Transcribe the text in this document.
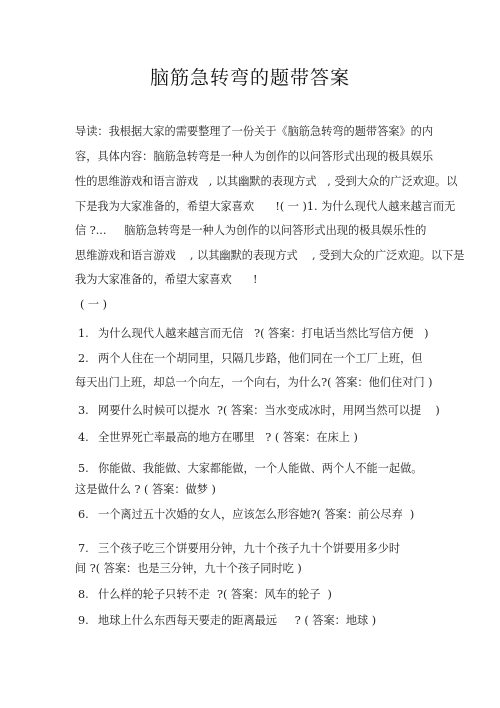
脑筋急转弯的题带答案
导读：我根据大家的需要整理了一份关于《脑筋急转弯的题带答案》的内
容，具体内容：脑筋急转弯是一种人为创作的以问答形式出现的极具娱乐
性的思维游戏和语言游戏   , 以其幽默的表现方式   , 受到大众的广泛欢迎。以
下是我为大家准备的，希望大家喜欢      !( 一 )1. 为什么现代人越来越言而无
信 ?...     脑筋急转弯是一种人为创作的以问答形式出现的极具娱乐性的
思维游戏和语言游戏    , 以其幽默的表现方式    , 受到大众的广泛欢迎。以下是
我为大家准备的，希望大家喜欢      !
( 一 )
1. 为什么现代人越来越言而无信   ?( 答案：打电话当然比写信方便   )
2. 两个人住在一个胡同里，只隔几步路，他们同在一个工厂上班，但
每天出门上班，却总一个向左，一个向右，为什么?( 答案：他们住对门 )
3. 网要什么时候可以提水  ?( 答案：当水变成冰时，用网当然可以提    )
4. 全世界死亡率最高的地方在哪里   ? ( 答案：在床上 )
5. 你能做、我能做、大家都能做，一个人能做、两个人不能一起做。
这是做什么 ? ( 答案：做梦 )
6. 一个离过五十次婚的女人，应该怎么形容她?( 答案：前公尽弃  )
7. 三个孩子吃三个饼要用分钟，九十个孩子九十个饼要用多少时
间 ?( 答案：也是三分钟，九十个孩子同时吃 )
8. 什么样的轮子只转不走  ?( 答案：风车的轮子  )
9. 地球上什么东西每天要走的距离最远     ? ( 答案：地球 )
